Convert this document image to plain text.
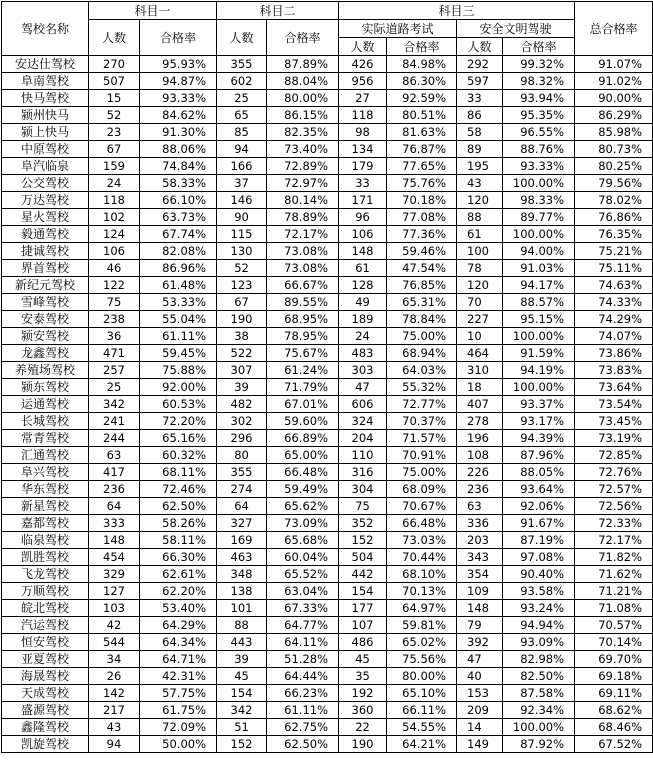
驾校名称	科目一		科目二		科目三				总合格率
	人数	合格率	人数	合格率	实际道路考试		安全文明驾驶		
					人数	合格率	人数	合格率	
安达仕驾校	270	95.93%	355	87.89%	426	84.98%	292	99.32%	91.07%
阜南驾校	507	94.87%	602	88.04%	956	86.30%	597	98.32%	91.02%
快马驾校	15	93.33%	25	80.00%	27	92.59%	33	93.94%	90.00%
颍州快马	52	84.62%	65	86.15%	118	80.51%	86	95.35%	86.29%
颍上快马	23	91.30%	85	82.35%	98	81.63%	58	96.55%	85.98%
中原驾校	67	88.06%	94	73.40%	134	76.87%	89	88.76%	80.73%
阜汽临泉	159	74.84%	166	72.89%	179	77.65%	195	93.33%	80.25%
公交驾校	24	58.33%	37	72.97%	33	75.76%	43	100.00%	79.56%
万达驾校	118	66.10%	146	80.14%	171	70.18%	120	98.33%	78.02%
星火驾校	102	63.73%	90	78.89%	96	77.08%	88	89.77%	76.86%
毅通驾校	124	67.74%	115	72.17%	106	77.36%	61	100.00%	76.35%
捷诚驾校	106	82.08%	130	73.08%	148	59.46%	100	94.00%	75.21%
界首驾校	46	86.96%	52	73.08%	61	47.54%	78	91.03%	75.11%
新纪元驾校	122	61.48%	123	66.67%	128	76.85%	120	94.17%	74.63%
雪峰驾校	75	53.33%	67	89.55%	49	65.31%	70	88.57%	74.33%
安泰驾校	238	55.04%	190	68.95%	189	78.84%	227	95.15%	74.29%
颍安驾校	36	61.11%	38	78.95%	24	75.00%	10	100.00%	74.07%
龙鑫驾校	471	59.45%	522	75.67%	483	68.94%	464	91.59%	73.86%
养殖场驾校	257	75.88%	307	61.24%	303	64.03%	310	94.19%	73.83%
颍东驾校	25	92.00%	39	71.79%	47	55.32%	18	100.00%	73.64%
运通驾校	342	60.53%	482	67.01%	606	72.77%	407	93.37%	73.54%
长城驾校	241	72.20%	302	59.60%	324	70.37%	278	93.17%	73.45%
常青驾校	244	65.16%	296	66.89%	204	71.57%	196	94.39%	73.19%
汇通驾校	63	60.32%	80	65.00%	110	70.91%	108	87.96%	72.85%
阜兴驾校	417	68.11%	355	66.48%	316	75.00%	226	88.05%	72.76%
华东驾校	236	72.46%	274	59.49%	304	68.09%	236	93.64%	72.57%
新星驾校	64	62.50%	64	65.62%	75	70.67%	63	92.06%	72.56%
嘉都驾校	333	58.26%	327	73.09%	352	66.48%	336	91.67%	72.33%
临泉驾校	148	58.11%	169	65.68%	152	73.03%	203	87.19%	72.17%
凯胜驾校	454	66.30%	463	60.04%	504	70.44%	343	97.08%	71.82%
飞龙驾校	329	62.61%	348	65.52%	442	68.10%	354	90.40%	71.62%
万顺驾校	127	62.20%	138	63.04%	154	70.13%	109	93.58%	71.21%
皖北驾校	103	53.40%	101	67.33%	177	64.97%	148	93.24%	71.08%
汽运驾校	42	64.29%	88	64.77%	107	59.81%	79	94.94%	70.57%
恒安驾校	544	64.34%	443	64.11%	486	65.02%	392	93.09%	70.14%
亚夏驾校	34	64.71%	39	51.28%	45	75.56%	47	82.98%	69.70%
海晟驾校	26	42.31%	45	64.44%	35	80.00%	40	82.50%	69.18%
天成驾校	142	57.75%	154	66.23%	192	65.10%	153	87.58%	69.11%
盛源驾校	217	61.75%	342	61.11%	360	66.11%	209	92.34%	68.62%
鑫隆驾校	43	72.09%	51	62.75%	22	54.55%	14	100.00%	68.46%
凯旋驾校	94	50.00%	152	62.50%	190	64.21%	149	87.92%	67.52%
